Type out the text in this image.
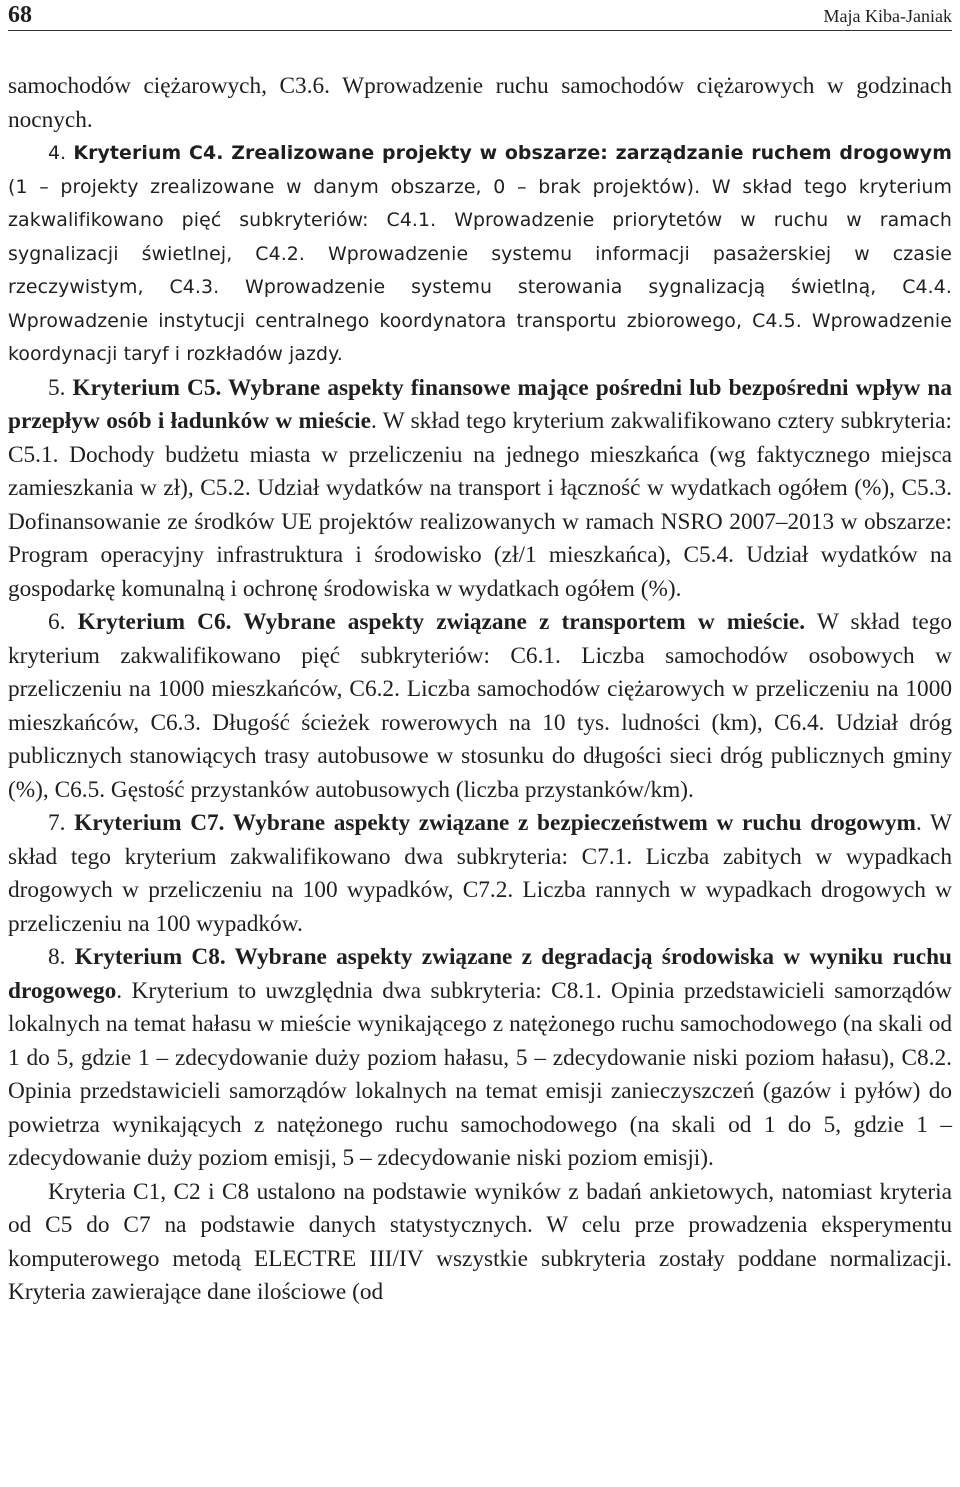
68	Maja Kiba-Janiak

samochodów ciężarowych, C3.6. Wprowadzenie ruchu samochodów ciężarowych w godzinach nocnych.

4. Kryterium C4. Zrealizowane projekty w obszarze: zarządzanie ruchem drogowym (1 – projekty zrealizowane w danym obszarze, 0 – brak projektów). W skład tego kryterium zakwalifikowano pięć subkryteriów: C4.1. Wprowadzenie priorytetów w ruchu w ramach sygnalizacji świetlnej, C4.2. Wprowadzenie systemu informacji pasażerskiej w czasie rzeczywistym, C4.3. Wprowadzenie systemu sterowania sygnalizacją świetlną, C4.4. Wprowadzenie instytucji centralnego koordynatora transportu zbiorowego, C4.5. Wprowadzenie koordynacji taryf i rozkładów jazdy.

5. Kryterium C5. Wybrane aspekty finansowe mające pośredni lub bezpośredni wpływ na przepływ osób i ładunków w mieście. W skład tego kryterium zakwalifikowano cztery subkryteria: C5.1. Dochody budżetu miasta w przeliczeniu na jednego mieszkańca (wg faktycznego miejsca zamieszkania w zł), C5.2. Udział wydatków na transport i łączność w wydatkach ogółem (%), C5.3. Dofinansowanie ze środków UE projektów realizowanych w ramach NSRO 2007–2013 w obszarze: Program operacyjny infrastruktura i środowisko (zł/1 mieszkańca), C5.4. Udział wydatków na gospodarkę komunalną i ochronę środowiska w wydatkach ogółem (%).

6. Kryterium C6. Wybrane aspekty związane z transportem w mieście. W skład tego kryterium zakwalifikowano pięć subkryteriów: C6.1. Liczba samochodów osobowych w przeliczeniu na 1000 mieszkańców, C6.2. Liczba samochodów ciężarowych w przeliczeniu na 1000 mieszkańców, C6.3. Długość ścieżek rowerowych na 10 tys. ludności (km), C6.4. Udział dróg publicznych stanowiących trasy autobusowe w stosunku do długości sieci dróg publicznych gminy (%), C6.5. Gęstość przystanków autobusowych (liczba przystanków/km).

7. Kryterium C7. Wybrane aspekty związane z bezpieczeństwem w ruchu drogowym. W skład tego kryterium zakwalifikowano dwa subkryteria: C7.1. Liczba zabitych w wypadkach drogowych w przeliczeniu na 100 wypadków, C7.2. Liczba rannych w wypadkach drogowych w przeliczeniu na 100 wypadków.

8. Kryterium C8. Wybrane aspekty związane z degradacją środowiska w wyniku ruchu drogowego. Kryterium to uwzględnia dwa subkryteria: C8.1. Opinia przedstawicieli samorządów lokalnych na temat hałasu w mieście wynikającego z natężonego ruchu samochodowego (na skali od 1 do 5, gdzie 1 – zdecydowanie duży poziom hałasu, 5 – zdecydowanie niski poziom hałasu), C8.2. Opinia przedstawicieli samorządów lokalnych na temat emisji zanieczyszczeń (gazów i pyłów) do powietrza wynikających z natężonego ruchu samochodowego (na skali od 1 do 5, gdzie 1 – zdecydowanie duży poziom emisji, 5 – zdecydowanie niski poziom emisji).

Kryteria C1, C2 i C8 ustalono na podstawie wyników z badań ankietowych, natomiast kryteria od C5 do C7 na podstawie danych statystycznych. W celu prze prowadzenia eksperymentu komputerowego metodą ELECTRE III/IV wszystkie subkryteria zostały poddane normalizacji. Kryteria zawierające dane ilościowe (od
